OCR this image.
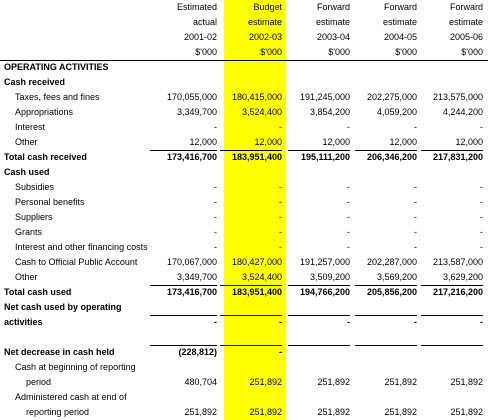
Estimated	Budget	Forward	Forward	Forward
actual	estimate	estimate	estimate	estimate
2001-02	2002-03	2003-04	2004-05	2005-06
$'000	$'000	$'000	$'000	$'000
OPERATING ACTIVITIES
Cash received
Taxes, fees and fines	170,055,000	180,415,000	191,245,000	202,275,000	213,575,000
Appropriations	3,349,700	3,524,400	3,854,200	4,059,200	4,244,200
Interest	-	-	-	-	-
Other	12,000	12,000	12,000	12,000	12,000
Total cash received	173,416,700	183,951,400	195,111,200	206,346,200	217,831,200
Cash used
Subsidies	-	-	-	-	-
Personal benefits	-	-	-	-	-
Suppliers	-	-	-	-	-
Grants	-	-	-	-	-
Interest and other financing costs	-	-	-	-	-
Cash to Official Public Account	170,067,000	180,427,000	191,257,000	202,287,000	213,587,000
Other	3,349,700	3,524,400	3,509,200	3,569,200	3,629,200
Total cash used	173,416,700	183,951,400	194,766,200	205,856,200	217,216,200
Net cash used by operating
activities	-	-	-	-	-
Net decrease in cash held	(228,812)	-
Cash at beginning of reporting
period	480,704	251,892	251,892	251,892	251,892
Administered cash at end of
reporting period	251,892	251,892	251,892	251,892	251,892
